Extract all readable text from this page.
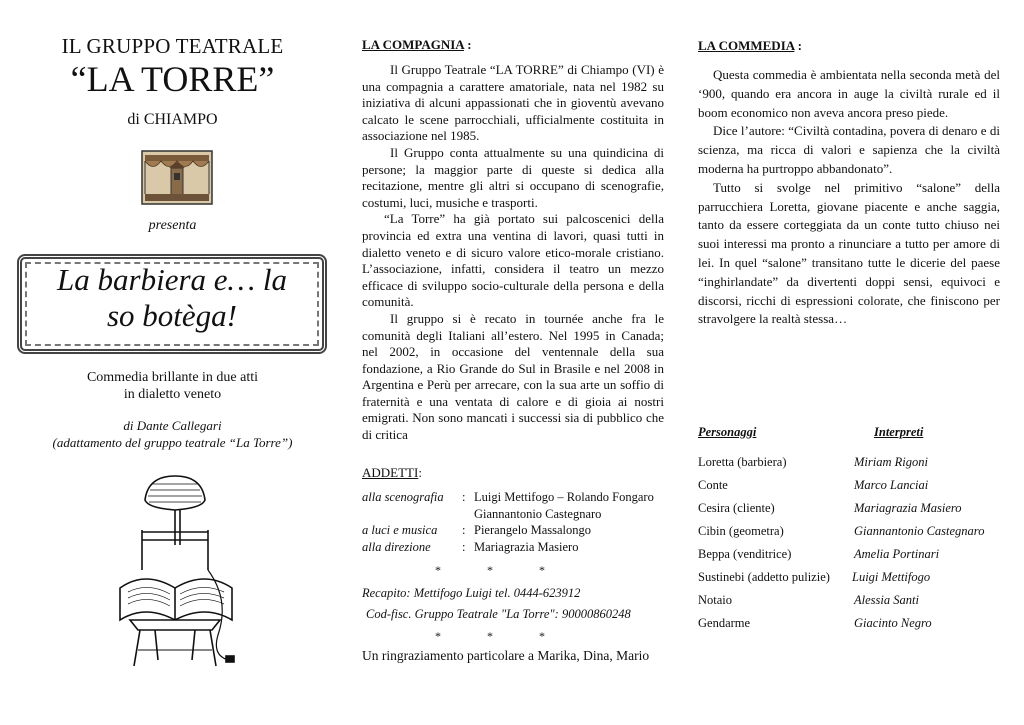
IL GRUPPO TEATRALE
“LA TORRE”
di CHIAMPO
presenta
La barbiera e… la
so botèga!
Commedia brillante in due atti
in dialetto veneto
di Dante Callegari
(adattamento del gruppo teatrale “La Torre”)
LA COMPAGNIA :

Il Gruppo Teatrale “LA TORRE” di Chiampo (VI) è una compagnia a carattere amatoriale, nata nel 1982 su iniziativa di alcuni appassionati che in gioventù avevano calcato le scene parrocchiali, ufficialmente costituita in associazione nel 1985.

Il Gruppo conta attualmente su una quindicina di persone; la maggior parte di queste si dedica alla recitazione, mentre gli altri si occupano di scenografie, costumi, luci, musiche e trasporti.

“La Torre” ha già portato sui palcoscenici della provincia ed extra una ventina di lavori, quasi tutti in dialetto veneto e di sicuro valore etico-morale cristiano. L’associazione, infatti, considera il teatro un mezzo efficace di sviluppo socio-culturale della persona e della comunità.

Il gruppo si è recato in tournée anche fra le comunità degli Italiani all’estero. Nel 1995 in Canada; nel 2002, in occasione del ventennale della sua fondazione, a Rio Grande do Sul in Brasile e nel 2008 in Argentina e Perù per arrecare, con la sua arte un soffio di fraternità e una ventata di calore e di gioia ai nostri emigrati. Non sono mancati i successi sia di pubblico che di critica

ADDETTI:
alla scenografia	: Luigi Mettifogo – Rolando Fongaro
Giannantonio Castegnaro
a luci e musica	: Pierangelo Massalongo
alla direzione	: Mariagrazia Masiero
***
Recapito: Mettifogo Luigi tel. 0444-623912
Cod-fisc. Gruppo Teatrale "La Torre": 90000860248
***
Un ringraziamento particolare a Marika, Dina, Mario
LA COMMEDIA :

Questa commedia è ambientata nella seconda metà del ‘900, quando era ancora in auge la civiltà rurale ed il boom economico non aveva ancora preso piede.

Dice l’autore: “Civiltà contadina, povera di denaro e di scienza, ma ricca di valori e sapienza che la civiltà moderna ha purtroppo abbandonato”.

Tutto si svolge nel primitivo “salone” della parrucchiera Loretta, giovane piacente e anche saggia, tanto da essere corteggiata da un conte tutto chiuso nei suoi interessi ma pronto a rinunciare a tutto per amore di lei. In quel “salone” transitano tutte le dicerie del paese “inghirlandate” da divertenti doppi sensi, equivoci e discorsi, ricchi di espressioni colorate, che finiscono per stravolgere la realtà stessa…

Personaggi	Interpreti
Loretta (barbiera)	Miriam Rigoni
Conte	Marco Lanciai
Cesira (cliente)	Mariagrazia Masiero
Cibin (geometra)	Giannantonio Castegnaro
Beppa (venditrice)	Amelia Portinari
Sustinebi (addetto pulizie) Luigi Mettifogo
Notaio	Alessia Santi
Gendarme	Giacinto Negro
